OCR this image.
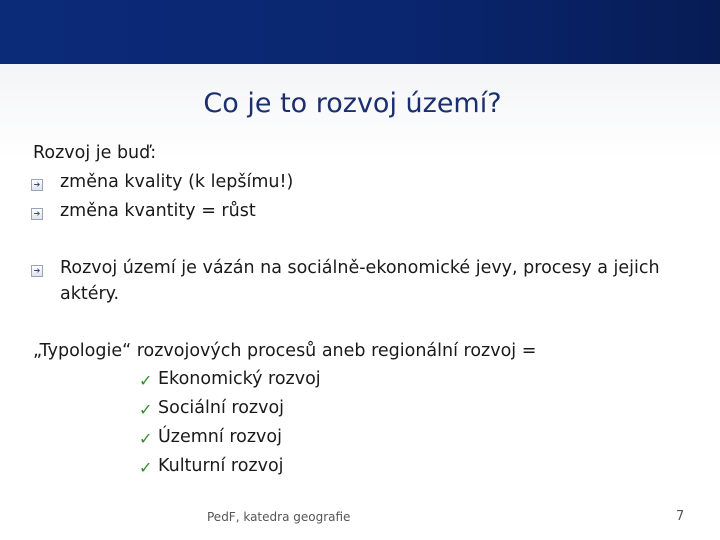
Co je to rozvoj území?
Rozvoj je buď:
➔ změna kvality (k lepšímu!)
➔ změna kvantity = růst
➔ Rozvoj území je vázán na sociálně-ekonomické jevy, procesy a jejich
aktéry.
„Typologie“ rozvojových procesů aneb regionální rozvoj =
✓ Ekonomický rozvoj
✓ Sociální rozvoj
✓ Územní rozvoj
✓ Kulturní rozvoj
PedF, katedra geografie	7
